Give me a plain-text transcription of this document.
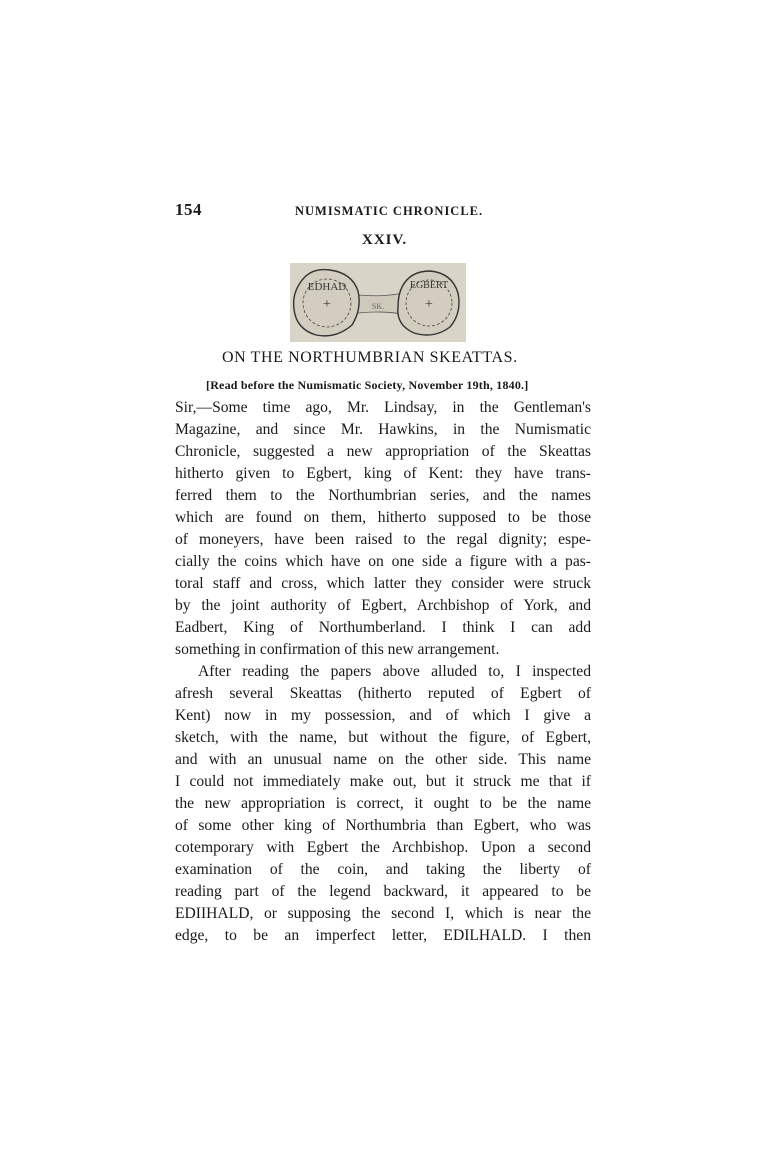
154	NUMISMATIC CHRONICLE.
XXIV.
+
EDHAD
+
EGBERT
SK.
ON THE NORTHUMBRIAN SKEATTAS.
[Read before the Numismatic Society, November 19th, 1840.]
Sir,—Some time ago, Mr. Lindsay, in the Gentleman's
Magazine, and since Mr. Hawkins, in the Numismatic
Chronicle, suggested a new appropriation of the Skeattas
hitherto given to Egbert, king of Kent: they have trans-
ferred them to the Northumbrian series, and the names
which are found on them, hitherto supposed to be those
of moneyers, have been raised to the regal dignity; espe-
cially the coins which have on one side a figure with a pas-
toral staff and cross, which latter they consider were struck
by the joint authority of Egbert, Archbishop of York, and
Eadbert, King of Northumberland. I think I can add
something in confirmation of this new arrangement.
After reading the papers above alluded to, I inspected
afresh several Skeattas (hitherto reputed of Egbert of
Kent) now in my possession, and of which I give a
sketch, with the name, but without the figure, of Egbert,
and with an unusual name on the other side. This name
I could not immediately make out, but it struck me that if
the new appropriation is correct, it ought to be the name
of some other king of Northumbria than Egbert, who was
cotemporary with Egbert the Archbishop. Upon a second
examination of the coin, and taking the liberty of
reading part of the legend backward, it appeared to be
EDIIHALD, or supposing the second I, which is near the
edge, to be an imperfect letter, EDILHALD. I then
